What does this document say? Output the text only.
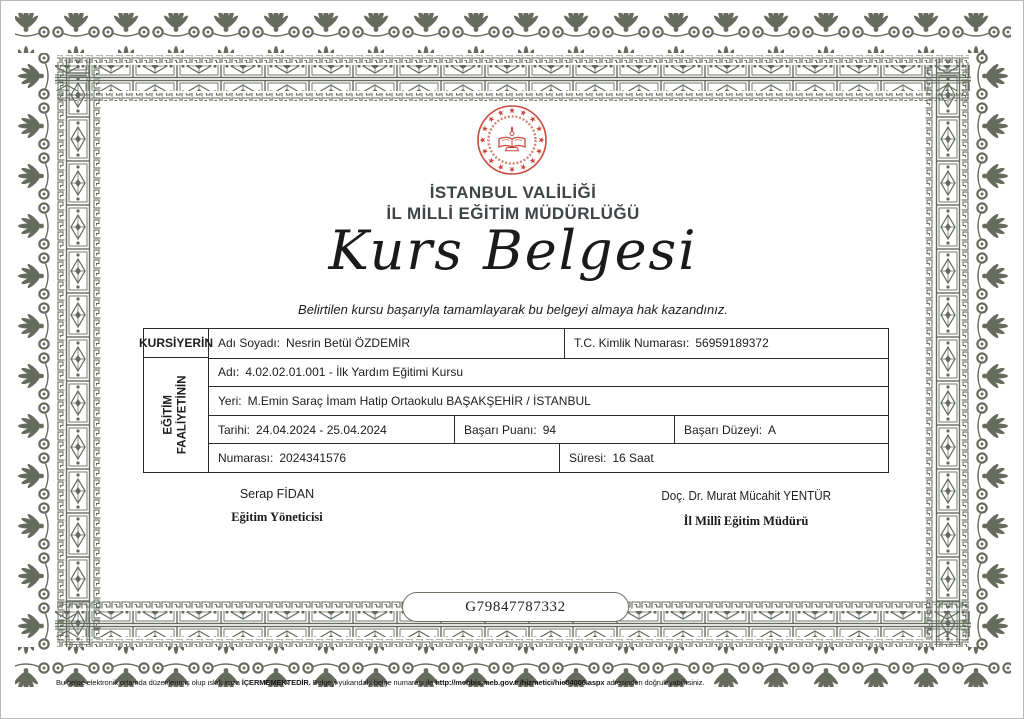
İSTANBUL VALİLİĞİ
İL MİLLİ EĞİTİM MÜDÜRLÜĞÜ
Kurs Belgesi
Belirtilen kursu başarıyla tamamlayarak bu belgeyi almaya hak kazandınız.
KURSİYERİN
EĞİTİM FAALİYETİNİN
Adı Soyadı: Nesrin Betül ÖZDEMİR	T.C. Kimlik Numarası: 56959189372
Adı: 4.02.02.01.001 - İlk Yardım Eğitimi Kursu
Yeri: M.Emin Saraç İmam Hatip Ortaokulu BAŞAKŞEHİR / İSTANBUL
Tarihi: 24.04.2024 - 25.04.2024	Başarı Puanı: 94	Başarı Düzeyi: A
Numarası: 2024341576	Süresi: 16 Saat
Serap FİDAN
Eğitim Yöneticisi
Doç. Dr. Murat Mücahit YENTÜR
İl Millî Eğitim Müdürü
G79847787332
Bu belge elektronik ortamda düzenlenmiş olup ıslak imza İÇERMEMEKTEDİR. Belgeyi yukarıdaki belge numarası ile http://mebbis.meb.gov.tr/hizmetici/hie04006.aspx adresinden doğrulayabilirsiniz.
